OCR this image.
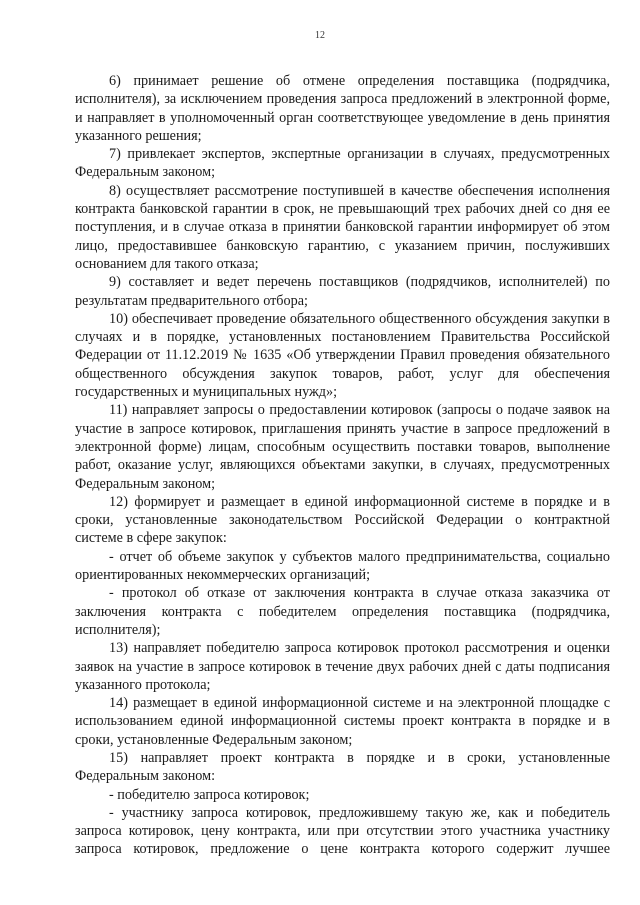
12

6) принимает решение об отмене определения поставщика (подрядчика, исполнителя), за исключением проведения запроса предложений в электронной форме, и направляет в уполномоченный орган соответствующее уведомление в день принятия указанного решения;

7) привлекает экспертов, экспертные организации в случаях, предусмотренных Федеральным законом;

8) осуществляет рассмотрение поступившей в качестве обеспечения исполнения контракта банковской гарантии в срок, не превышающий трех рабочих дней со дня ее поступления, и в случае отказа в принятии банковской гарантии информирует об этом лицо, предоставившее банковскую гарантию, с указанием причин, послуживших основанием для такого отказа;

9) составляет и ведет перечень поставщиков (подрядчиков, исполнителей) по результатам предварительного отбора;

10) обеспечивает проведение обязательного общественного обсуждения закупки в случаях и в порядке, установленных постановлением Правительства Российской Федерации от 11.12.2019 № 1635 «Об утверждении Правил проведения обязательного общественного обсуждения закупок товаров, работ, услуг для обеспечения государственных и муниципальных нужд»;

11) направляет запросы о предоставлении котировок (запросы о подаче заявок на участие в запросе котировок, приглашения принять участие в запросе предложений в электронной форме) лицам, способным осуществить поставки товаров, выполнение работ, оказание услуг, являющихся объектами закупки, в случаях, предусмотренных Федеральным законом;

12) формирует и размещает в единой информационной системе в порядке и в сроки, установленные законодательством Российской Федерации о контрактной системе в сфере закупок:

- отчет об объеме закупок у субъектов малого предпринимательства, социально ориентированных некоммерческих организаций;

- протокол об отказе от заключения контракта в случае отказа заказчика от заключения контракта с победителем определения поставщика (подрядчика, исполнителя);

13) направляет победителю запроса котировок протокол рассмотрения и оценки заявок на участие в запросе котировок в течение двух рабочих дней с даты подписания указанного протокола;

14) размещает в единой информационной системе и на электронной площадке с использованием единой информационной системы проект контракта в порядке и в сроки, установленные Федеральным законом;

15) направляет проект контракта в порядке и в сроки, установленные Федеральным законом:

- победителю запроса котировок;

- участнику запроса котировок, предложившему такую же, как и победитель запроса котировок, цену контракта, или при отсутствии этого участника участнику запроса котировок, предложение о цене контракта которого содержит лучшее
